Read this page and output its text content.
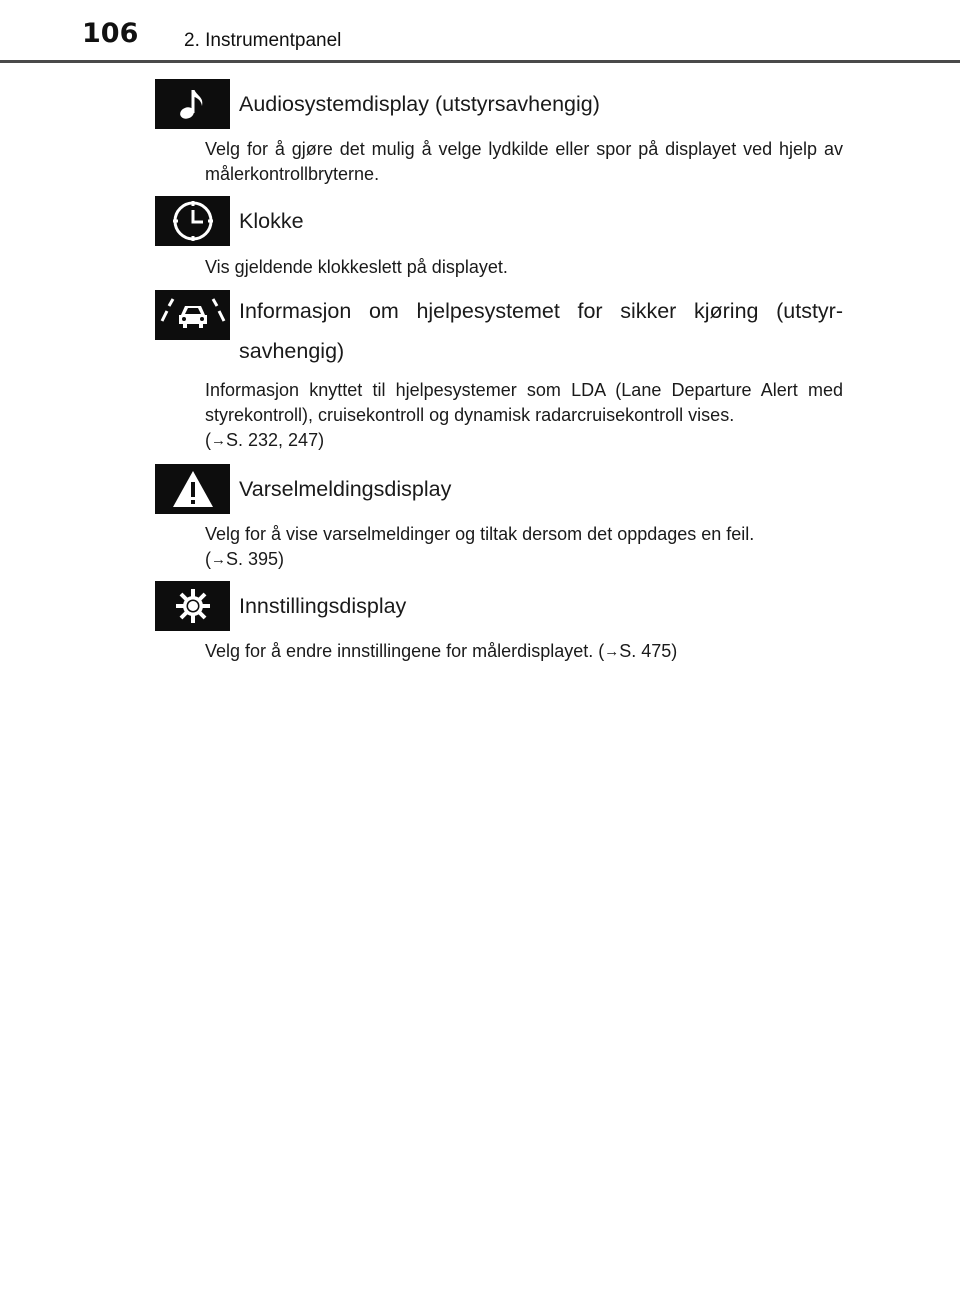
106 2. Instrumentpanel
Audiosystemdisplay (utstyrsavhengig)
Velg for å gjøre det mulig å velge lydkilde eller spor på displayet ved hjelp av målerkontrollbryterne.
Klokke
Vis gjeldende klokkeslett på displayet.
Informasjon om hjelpesystemet for sikker kjøring (utstyr-savhengig)
Informasjon knyttet til hjelpesystemer som LDA (Lane Departure Alert med styrekontroll), cruisekontroll og dynamisk radarcruisekontroll vises.
(→S. 232, 247)
Varselmeldingsdisplay
Velg for å vise varselmeldinger og tiltak dersom det oppdages en feil.
(→S. 395)
Innstillingsdisplay
Velg for å endre innstillingene for målerdisplayet. (→S. 475)
